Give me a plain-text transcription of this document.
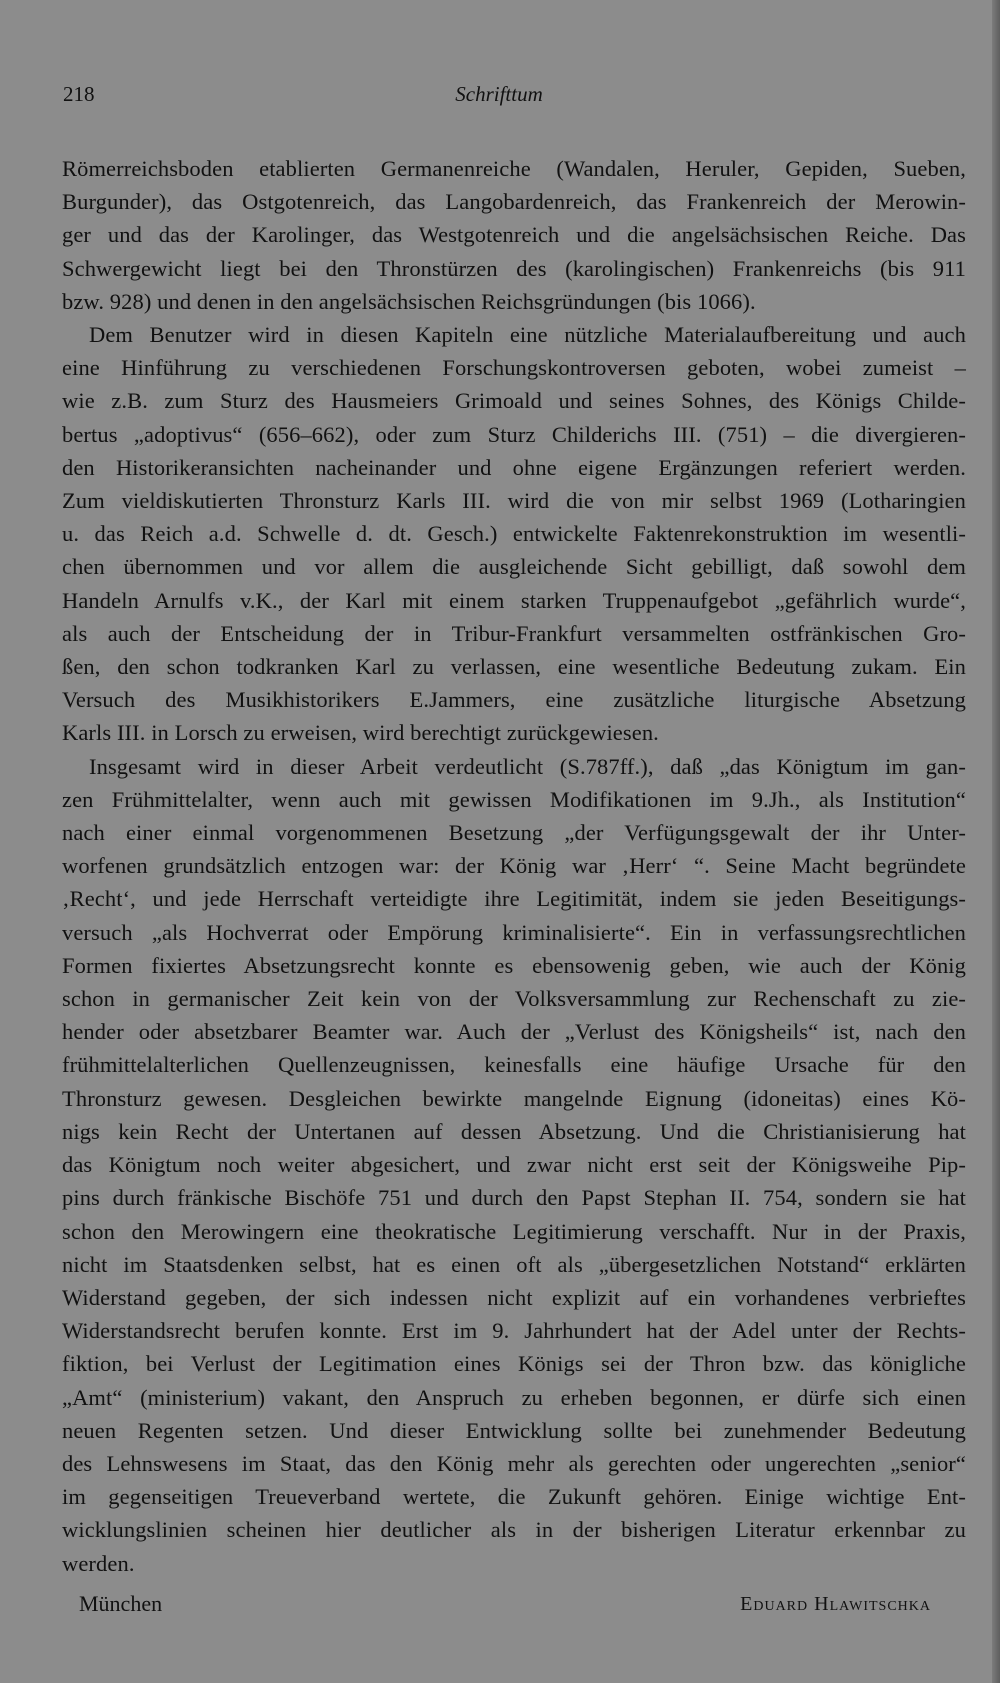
218	Schrifttum
Römerreichsboden etablierten Germanenreiche (Wandalen, Heruler, Gepiden, Sueben,
Burgunder), das Ostgotenreich, das Langobardenreich, das Frankenreich der Merowin-
ger und das der Karolinger, das Westgotenreich und die angelsächsischen Reiche. Das
Schwergewicht liegt bei den Thronstürzen des (karolingischen) Frankenreichs (bis 911
bzw. 928) und denen in den angelsächsischen Reichsgründungen (bis 1066).
Dem Benutzer wird in diesen Kapiteln eine nützliche Materialaufbereitung und auch
eine Hinführung zu verschiedenen Forschungskontroversen geboten, wobei zumeist –
wie z.B. zum Sturz des Hausmeiers Grimoald und seines Sohnes, des Königs Childe-
bertus „adoptivus“ (656–662), oder zum Sturz Childerichs III. (751) – die divergieren-
den Historikeransichten nacheinander und ohne eigene Ergänzungen referiert werden.
Zum vieldiskutierten Thronsturz Karls III. wird die von mir selbst 1969 (Lotharingien
u. das Reich a.d. Schwelle d. dt. Gesch.) entwickelte Faktenrekonstruktion im wesentli-
chen übernommen und vor allem die ausgleichende Sicht gebilligt, daß sowohl dem
Handeln Arnulfs v.K., der Karl mit einem starken Truppenaufgebot „gefährlich wurde“,
als auch der Entscheidung der in Tribur-Frankfurt versammelten ostfränkischen Gro-
ßen, den schon todkranken Karl zu verlassen, eine wesentliche Bedeutung zukam. Ein
Versuch des Musikhistorikers E.Jammers, eine zusätzliche liturgische Absetzung
Karls III. in Lorsch zu erweisen, wird berechtigt zurückgewiesen.
Insgesamt wird in dieser Arbeit verdeutlicht (S.787ff.), daß „das Königtum im gan-
zen Frühmittelalter, wenn auch mit gewissen Modifikationen im 9.Jh., als Institution“
nach einer einmal vorgenommenen Besetzung „der Verfügungsgewalt der ihr Unter-
worfenen grundsätzlich entzogen war: der König war ‚Herr‘ “. Seine Macht begründete
‚Recht‘, und jede Herrschaft verteidigte ihre Legitimität, indem sie jeden Beseitigungs-
versuch „als Hochverrat oder Empörung kriminalisierte“. Ein in verfassungsrechtlichen
Formen fixiertes Absetzungsrecht konnte es ebensowenig geben, wie auch der König
schon in germanischer Zeit kein von der Volksversammlung zur Rechenschaft zu zie-
hender oder absetzbarer Beamter war. Auch der „Verlust des Königsheils“ ist, nach den
frühmittelalterlichen Quellenzeugnissen, keinesfalls eine häufige Ursache für den
Thronsturz gewesen. Desgleichen bewirkte mangelnde Eignung (idoneitas) eines Kö-
nigs kein Recht der Untertanen auf dessen Absetzung. Und die Christianisierung hat
das Königtum noch weiter abgesichert, und zwar nicht erst seit der Königsweihe Pip-
pins durch fränkische Bischöfe 751 und durch den Papst Stephan II. 754, sondern sie hat
schon den Merowingern eine theokratische Legitimierung verschafft. Nur in der Praxis,
nicht im Staatsdenken selbst, hat es einen oft als „übergesetzlichen Notstand“ erklärten
Widerstand gegeben, der sich indessen nicht explizit auf ein vorhandenes verbrieftes
Widerstandsrecht berufen konnte. Erst im 9. Jahrhundert hat der Adel unter der Rechts-
fiktion, bei Verlust der Legitimation eines Königs sei der Thron bzw. das königliche
„Amt“ (ministerium) vakant, den Anspruch zu erheben begonnen, er dürfe sich einen
neuen Regenten setzen. Und dieser Entwicklung sollte bei zunehmender Bedeutung
des Lehnswesens im Staat, das den König mehr als gerechten oder ungerechten „senior“
im gegenseitigen Treueverband wertete, die Zukunft gehören. Einige wichtige Ent-
wicklungslinien scheinen hier deutlicher als in der bisherigen Literatur erkennbar zu
werden.
München	Eduard Hlawitschka
